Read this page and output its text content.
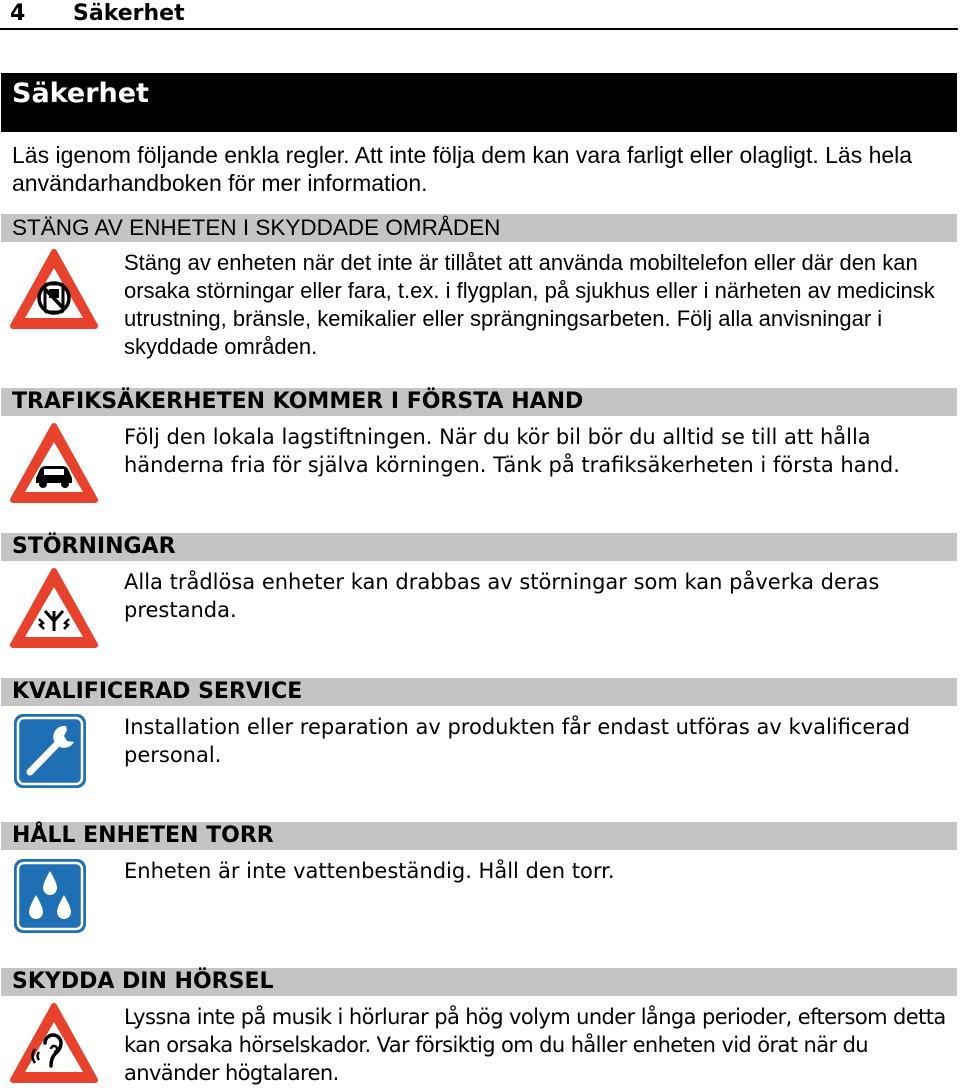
4 Säkerhet
Säkerhet
Läs igenom följande enkla regler. Att inte följa dem kan vara farligt eller olagligt. Läs hela användarhandboken för mer information.
STÄNG AV ENHETEN I SKYDDADE OMRÅDEN
Stäng av enheten när det inte är tillåtet att använda mobiltelefon eller där den kan orsaka störningar eller fara, t.ex. i flygplan, på sjukhus eller i närheten av medicinsk utrustning, bränsle, kemikalier eller sprängningsarbeten. Följ alla anvisningar i skyddade områden.
TRAFIKSÄKERHETEN KOMMER I FÖRSTA HAND
Följ den lokala lagstiftningen. När du kör bil bör du alltid se till att hålla händerna fria för själva körningen. Tänk på trafiksäkerheten i första hand.
STÖRNINGAR
Alla trådlösa enheter kan drabbas av störningar som kan påverka deras prestanda.
KVALIFICERAD SERVICE
Installation eller reparation av produkten får endast utföras av kvalificerad personal.
HÅLL ENHETEN TORR
Enheten är inte vattenbeständig. Håll den torr.
SKYDDA DIN HÖRSEL
Lyssna inte på musik i hörlurar på hög volym under långa perioder, eftersom detta kan orsaka hörselskador. Var försiktig om du håller enheten vid örat när du använder högtalaren.
